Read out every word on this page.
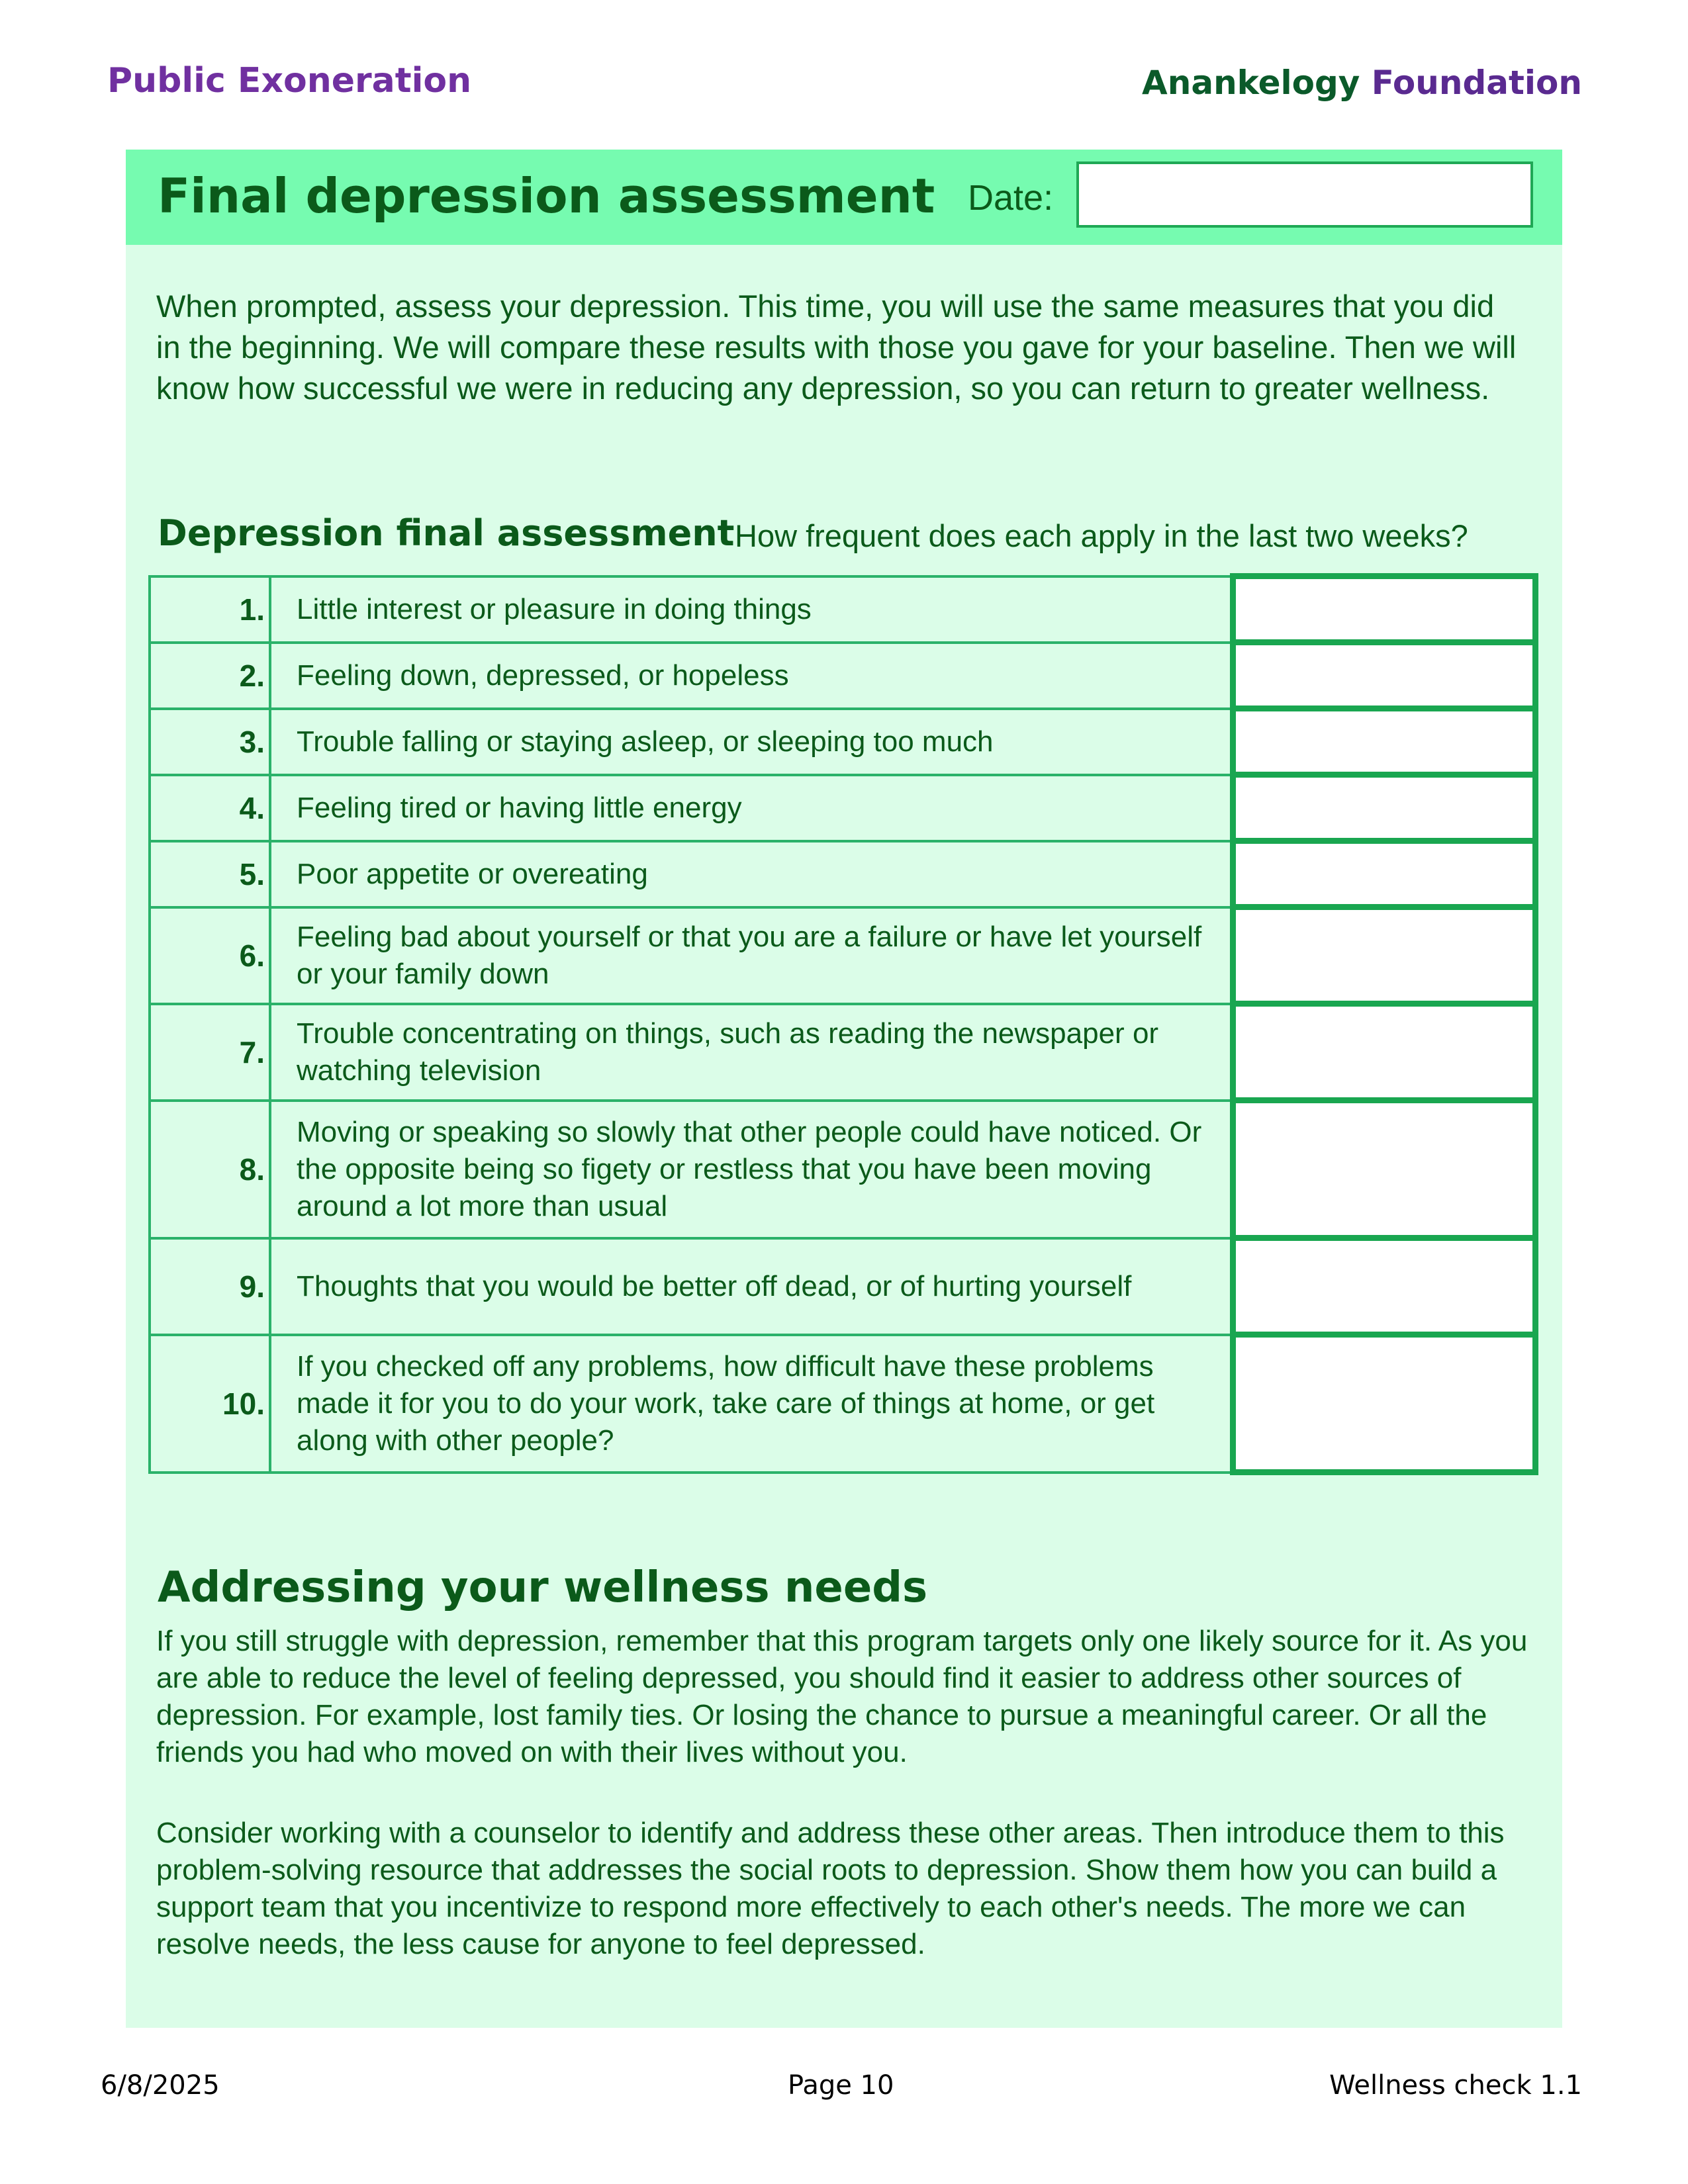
Public Exoneration	Anankelogy Foundation
Final depression assessment Date:

When prompted, assess your depression. This time, you will use the same measures that you did in the beginning. We will compare these results with those you gave for your baseline. Then we will know how successful we were in reducing any depression, so you can return to greater wellness.

Depression final assessment How frequent does each apply in the last two weeks?
1.	Little interest or pleasure in doing things	
2.	Feeling down, depressed, or hopeless	
3.	Trouble falling or staying asleep, or sleeping too much	
4.	Feeling tired or having little energy	
5.	Poor appetite or overeating	
6.	Feeling bad about yourself or that you are a failure or have let yourself or your family down	
7.	Trouble concentrating on things, such as reading the newspaper or watching television	
8.	Moving or speaking so slowly that other people could have noticed. Or the opposite being so figety or restless that you have been moving around a lot more than usual	
9.	Thoughts that you would be better off dead, or of hurting yourself	
10.	If you checked off any problems, how difficult have these problems made it for you to do your work, take care of things at home, or get along with other people?	
Addressing your wellness needs

If you still struggle with depression, remember that this program targets only one likely source for it. As you are able to reduce the level of feeling depressed, you should find it easier to address other sources of depression. For example, lost family ties. Or losing the chance to pursue a meaningful career. Or all the friends you had who moved on with their lives without you.

Consider working with a counselor to identify and address these other areas. Then introduce them to this problem-solving resource that addresses the social roots to depression. Show them how you can build a support team that you incentivize to respond more effectively to each other's needs. The more we can resolve needs, the less cause for anyone to feel depressed.

6/8/2025	Page 10	Wellness check 1.1
